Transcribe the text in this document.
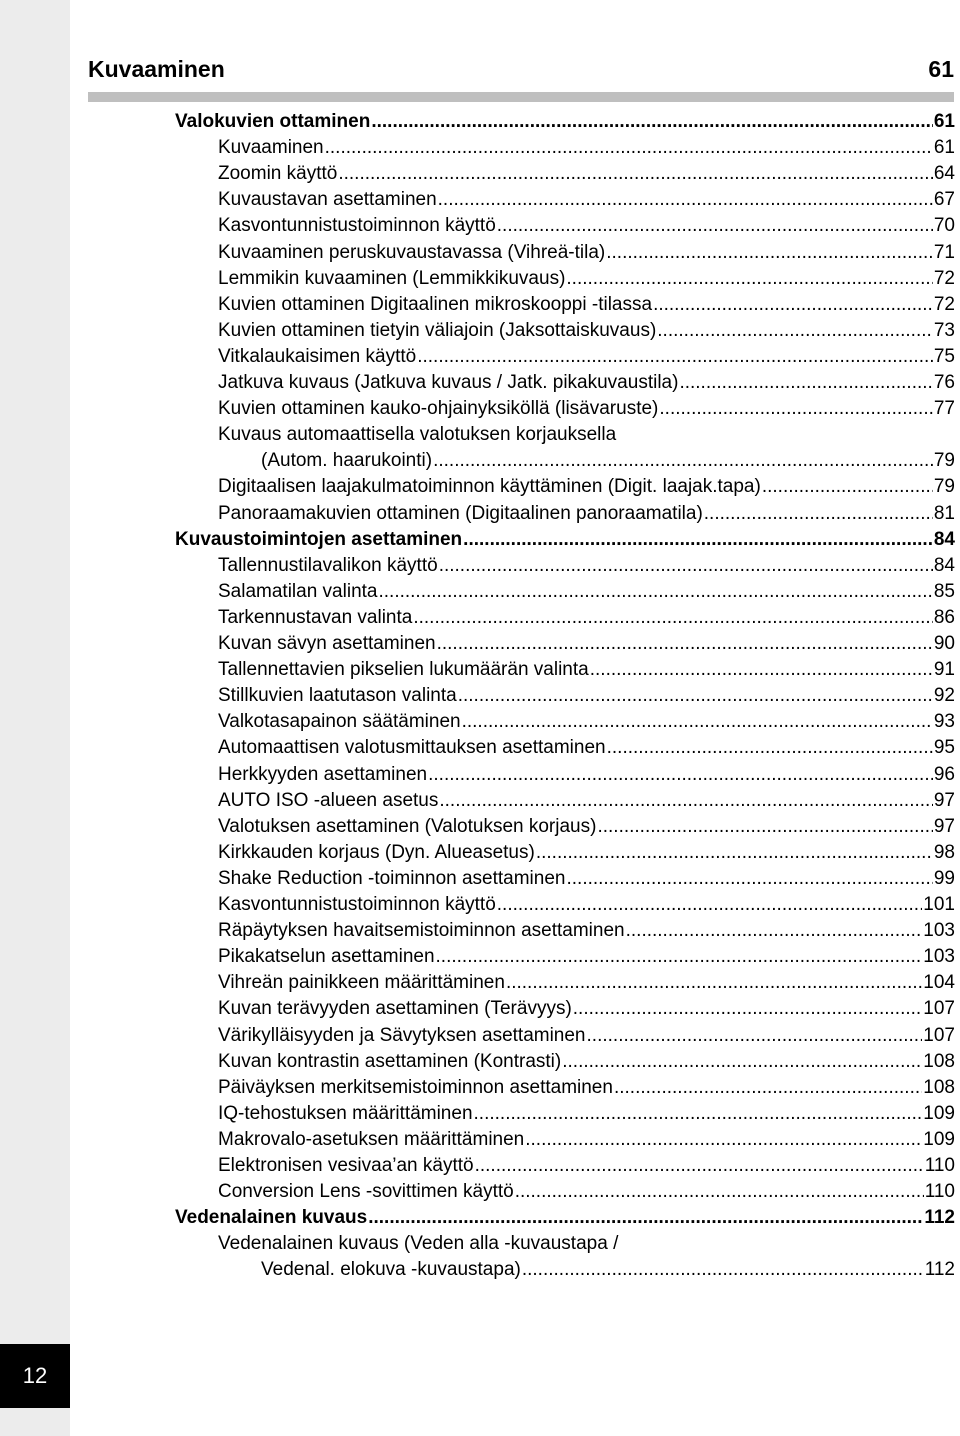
12
Kuvaaminen	61
Valokuvien ottaminen .....	61
Kuvaaminen .....	61
Zoomin käyttö .....	64
Kuvaustavan asettaminen .....	67
Kasvontunnistustoiminnon käyttö .....	70
Kuvaaminen peruskuvaustavassa (Vihreä-tila) .....	71
Lemmikin kuvaaminen (Lemmikkikuvaus) .....	72
Kuvien ottaminen Digitaalinen mikroskooppi -tilassa .....	72
Kuvien ottaminen tietyin väliajoin (Jaksottaiskuvaus) .....	73
Vitkalaukaisimen käyttö .....	75
Jatkuva kuvaus (Jatkuva kuvaus / Jatk. pikakuvaustila) .....	76
Kuvien ottaminen kauko-ohjainyksiköllä (lisävaruste) .....	77
Kuvaus automaattisella valotuksen korjauksella
(Autom. haarukointi) .....	79
Digitaalisen laajakulmatoiminnon käyttäminen (Digit. laajak.tapa) .....	79
Panoraamakuvien ottaminen (Digitaalinen panoraamatila) .....	81
Kuvaustoimintojen asettaminen .....	84
Tallennustilavalikon käyttö .....	84
Salamatilan valinta .....	85
Tarkennustavan valinta .....	86
Kuvan sävyn asettaminen .....	90
Tallennettavien pikselien lukumäärän valinta .....	91
Stillkuvien laatutason valinta .....	92
Valkotasapainon säätäminen .....	93
Automaattisen valotusmittauksen asettaminen .....	95
Herkkyyden asettaminen .....	96
AUTO ISO -alueen asetus .....	97
Valotuksen asettaminen (Valotuksen korjaus) .....	97
Kirkkauden korjaus (Dyn. Alueasetus) .....	98
Shake Reduction -toiminnon asettaminen .....	99
Kasvontunnistustoiminnon käyttö .....	101
Räpäytyksen havaitsemistoiminnon asettaminen .....	103
Pikakatselun asettaminen .....	103
Vihreän painikkeen määrittäminen .....	104
Kuvan terävyyden asettaminen (Terävyys) .....	107
Värikylläisyyden ja Sävytyksen asettaminen .....	107
Kuvan kontrastin asettaminen (Kontrasti) .....	108
Päiväyksen merkitsemistoiminnon asettaminen .....	108
IQ-tehostuksen määrittäminen .....	109
Makrovalo-asetuksen määrittäminen .....	109
Elektronisen vesivaa’an käyttö .....	110
Conversion Lens -sovittimen käyttö .....	110
Vedenalainen kuvaus .....	112
Vedenalainen kuvaus (Veden alla -kuvaustapa /
Vedenal. elokuva -kuvaustapa) .....	112
